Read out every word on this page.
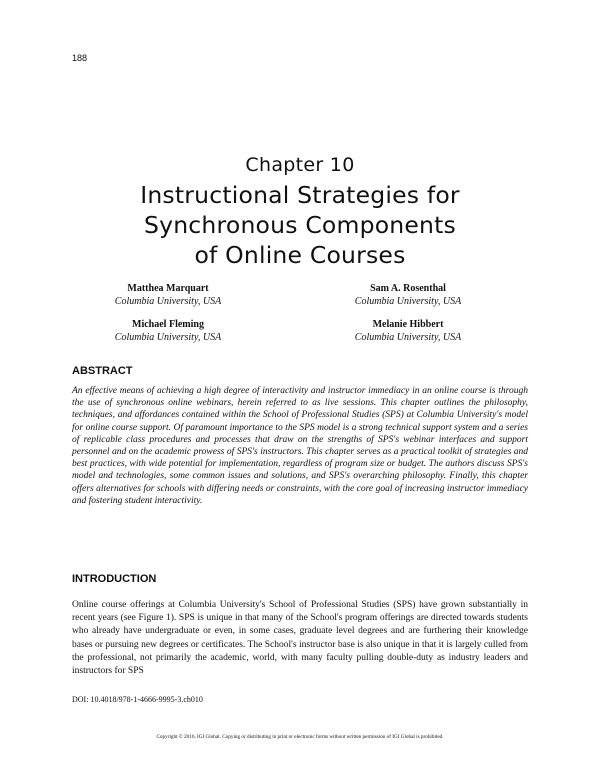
188
Chapter 10
Instructional Strategies for
Synchronous Components
of Online Courses
Matthea Marquart
Columbia University, USA
Sam A. Rosenthal
Columbia University, USA
Michael Fleming
Columbia University, USA
Melanie Hibbert
Columbia University, USA
ABSTRACT
An effective means of achieving a high degree of interactivity and instructor immediacy in an online course is through the use of synchronous online webinars, herein referred to as live sessions. This chapter outlines the philosophy, techniques, and affordances contained within the School of Professional Studies (SPS) at Columbia University's model for online course support. Of paramount importance to the SPS model is a strong technical support system and a series of replicable class procedures and processes that draw on the strengths of SPS's webinar interfaces and support personnel and on the academic prowess of SPS's instructors. This chapter serves as a practical toolkit of strategies and best practices, with wide potential for implementation, regardless of program size or budget. The authors discuss SPS's model and technologies, some common issues and solutions, and SPS's overarching philosophy. Finally, this chapter offers alternatives for schools with differing needs or constraints, with the core goal of increasing instructor immediacy and fostering student interactivity.
INTRODUCTION
Online course offerings at Columbia University's School of Professional Studies (SPS) have grown substantially in recent years (see Figure 1). SPS is unique in that many of the School's program offerings are directed towards students who already have undergraduate or even, in some cases, graduate level degrees and are furthering their knowledge bases or pursuing new degrees or certificates. The School's instructor base is also unique in that it is largely culled from the professional, not primarily the academic, world, with many faculty pulling double-duty as industry leaders and instructors for SPS
DOI: 10.4018/978-1-4666-9995-3.ch010
Copyright © 2016, IGI Global. Copying or distributing in print or electronic forms without written permission of IGI Global is prohibited.
